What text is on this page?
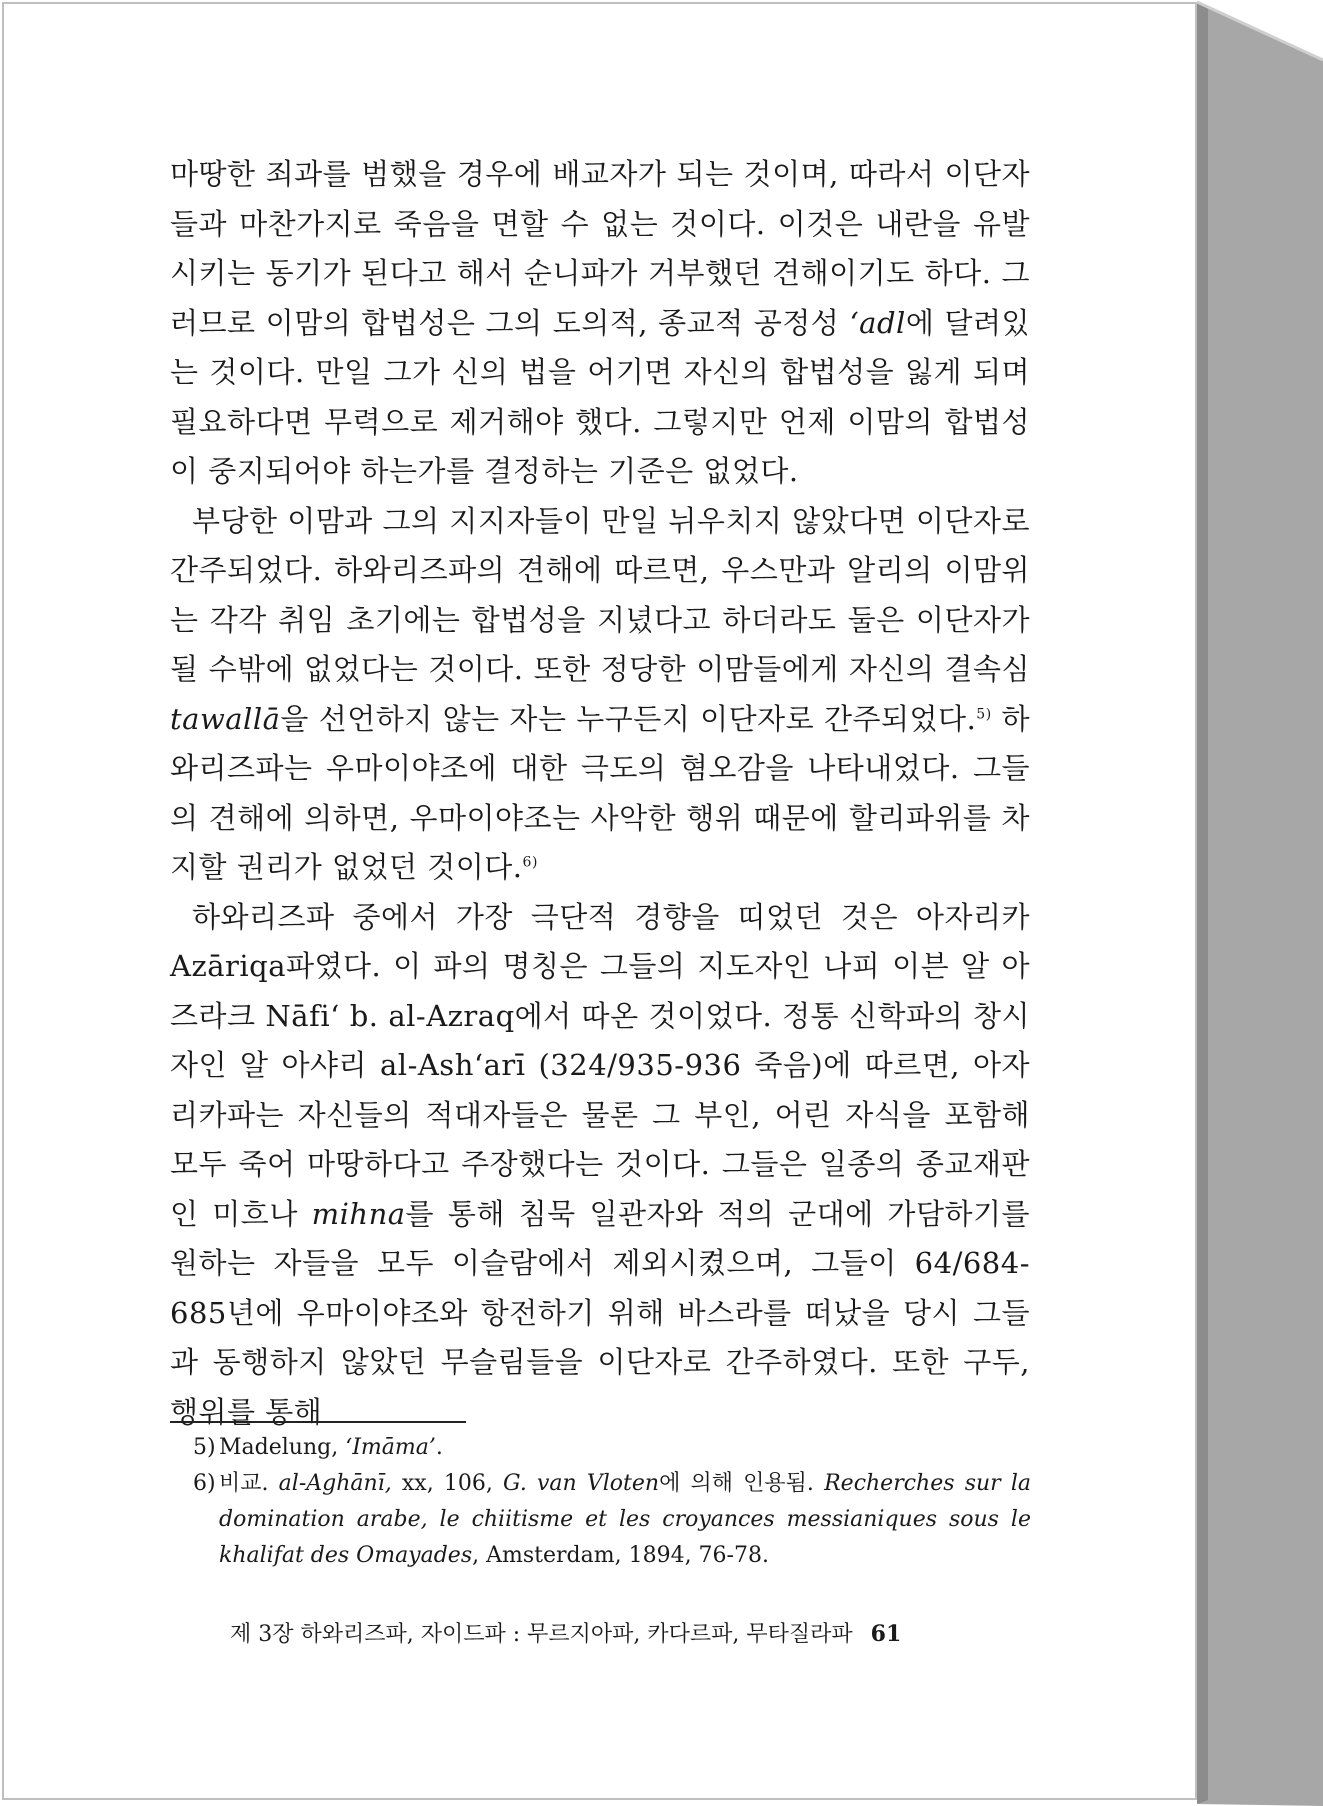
마땅한 죄과를 범했을 경우에 배교자가 되는 것이며, 따라서 이단자들과 마찬가지로 죽음을 면할 수 없는 것이다. 이것은 내란을 유발시키는 동기가 된다고 해서 순니파가 거부했던 견해이기도 하다. 그러므로 이맘의 합법성은 그의 도의적, 종교적 공정성 ‘adl에 달려있는 것이다. 만일 그가 신의 법을 어기면 자신의 합법성을 잃게 되며 필요하다면 무력으로 제거해야 했다. 그렇지만 언제 이맘의 합법성이 중지되어야 하는가를 결정하는 기준은 없었다.

부당한 이맘과 그의 지지자들이 만일 뉘우치지 않았다면 이단자로 간주되었다. 하와리즈파의 견해에 따르면, 우스만과 알리의 이맘위는 각각 취임 초기에는 합법성을 지녔다고 하더라도 둘은 이단자가 될 수밖에 없었다는 것이다. 또한 정당한 이맘들에게 자신의 결속심 tawallā을 선언하지 않는 자는 누구든지 이단자로 간주되었다.$^{5)}$ 하와리즈파는 우마이야조에 대한 극도의 혐오감을 나타내었다. 그들의 견해에 의하면, 우마이야조는 사악한 행위 때문에 할리파위를 차지할 권리가 없었던 것이다.$^{6)}$

하와리즈파 중에서 가장 극단적 경향을 띠었던 것은 아자리카 Azāriqa파였다. 이 파의 명칭은 그들의 지도자인 나피 이븐 알 아즈라크 Nāfi‘ b. al-Azraq에서 따온 것이었다. 정통 신학파의 창시자인 알 아샤리 al-Ash‘arī (324/935-936 죽음)에 따르면, 아자리카파는 자신들의 적대자들은 물론 그 부인, 어린 자식을 포함해 모두 죽어 마땅하다고 주장했다는 것이다. 그들은 일종의 종교재판인 미흐나 mihna를 통해 침묵 일관자와 적의 군대에 가담하기를 원하는 자들을 모두 이슬람에서 제외시켰으며, 그들이 64/684-685년에 우마이야조와 항전하기 위해 바스라를 떠났을 당시 그들과 동행하지 않았던 무슬림들을 이단자로 간주하였다. 또한 구두, 행위를 통해

5) Madelung, ‘Imāma’.
6) 비교. al-Aghānī, xx, 106, G. van Vloten에 의해 인용됨. Recherches sur la domination arabe, le chiitisme et les croyances messianiques sous le khalifat des Omayades, Amsterdam, 1894, 76-78.
제 3장 하와리즈파, 자이드파 : 무르지아파, 카다르파, 무타질라파 61
